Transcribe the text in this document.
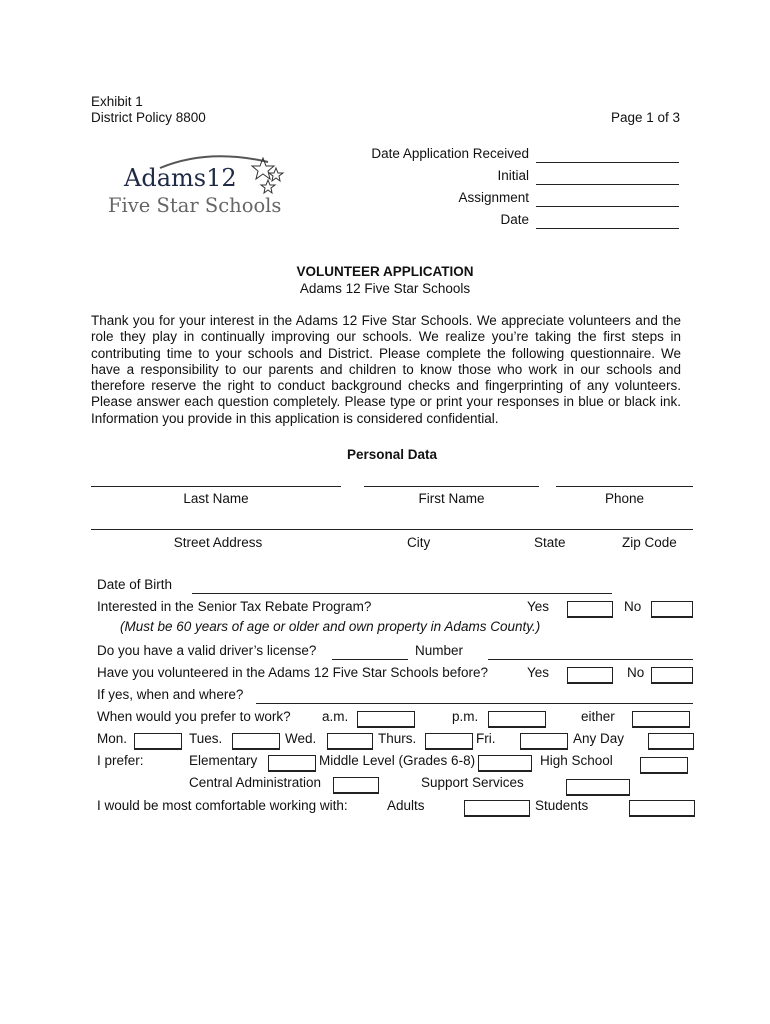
Exhibit 1
District Policy 8800	Page 1 of 3
Adams12
Five Star Schools
Date Application Received
Initial
Assignment
Date
VOLUNTEER APPLICATION
Adams 12 Five Star Schools
Thank you for your interest in the Adams 12 Five Star Schools. We appreciate volunteers and the role they play in continually improving our schools. We realize you’re taking the first steps in contributing time to your schools and District. Please complete the following questionnaire. We have a responsibility to our parents and children to know those who work in our schools and therefore reserve the right to conduct background checks and fingerprinting of any volunteers. Please answer each question completely. Please type or print your responses in blue or black ink. Information you provide in this application is considered confidential.
Personal Data
Last Name	First Name	Phone
Street Address	City	State	Zip Code
Date of Birth
Interested in the Senior Tax Rebate Program?	Yes	No
(Must be 60 years of age or older and own property in Adams County.)
Do you have a valid driver’s license?	Number
Have you volunteered in the Adams 12 Five Star Schools before?	Yes	No
If yes, when and where?
When would you prefer to work? a.m.	p.m.	either
Mon.	Tues.	Wed.	Thurs.	Fri.	Any Day
I prefer:	Elementary	Middle Level (Grades 6-8)	High School
Central Administration	Support Services
I would be most comfortable working with:	Adults	Students
